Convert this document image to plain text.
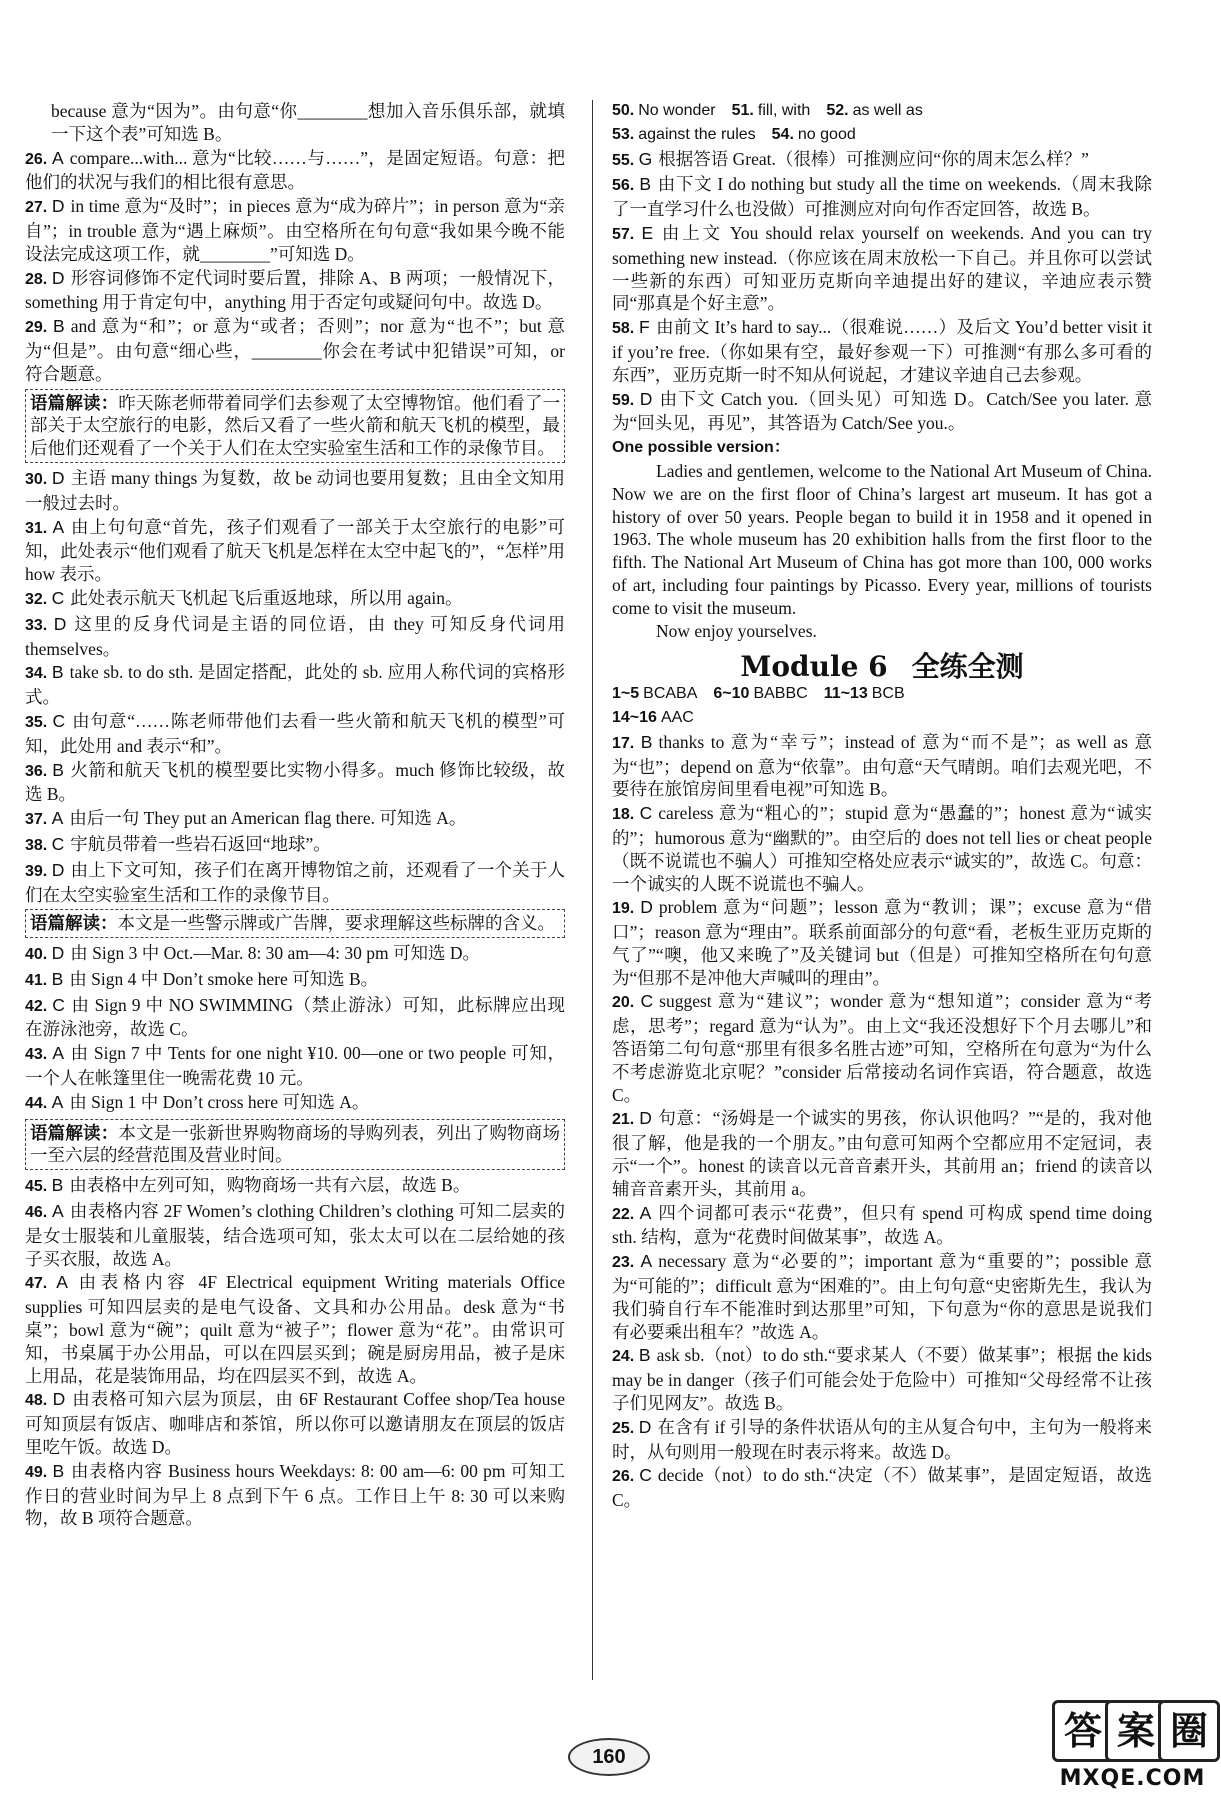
because 意为“因为”。由句意“你________想加入音乐俱乐部，就填一下这个表”可知选 B。
26. A compare...with... 意为“比较……与……”，是固定短语。句意：把他们的状况与我们的相比很有意思。
27. D in time 意为“及时”；in pieces 意为“成为碎片”；in person 意为“亲自”；in trouble 意为“遇上麻烦”。由空格所在句句意“我如果今晚不能设法完成这项工作，就________”可知选 D。
28. D 形容词修饰不定代词时要后置，排除 A、B 两项；一般情况下，something 用于肯定句中，anything 用于否定句或疑问句中。故选 D。
29. B and 意为“和”；or 意为“或者；否则”；nor 意为“也不”；but 意为“但是”。由句意“细心些，________你会在考试中犯错误”可知，or 符合题意。
语篇解读：昨天陈老师带着同学们去参观了太空博物馆。他们看了一部关于太空旅行的电影，然后又看了一些火箭和航天飞机的模型，最后他们还观看了一个关于人们在太空实验室生活和工作的录像节目。
30. D 主语 many things 为复数，故 be 动词也要用复数；且由全文知用一般过去时。
31. A 由上句句意“首先，孩子们观看了一部关于太空旅行的电影”可知，此处表示“他们观看了航天飞机是怎样在太空中起飞的”，“怎样”用 how 表示。
32. C 此处表示航天飞机起飞后重返地球，所以用 again。
33. D 这里的反身代词是主语的同位语，由 they 可知反身代词用 themselves。
34. B take sb. to do sth. 是固定搭配，此处的 sb. 应用人称代词的宾格形式。
35. C 由句意“……陈老师带他们去看一些火箭和航天飞机的模型”可知，此处用 and 表示“和”。
36. B 火箭和航天飞机的模型要比实物小得多。much 修饰比较级，故选 B。
37. A 由后一句 They put an American flag there. 可知选 A。
38. C 宇航员带着一些岩石返回“地球”。
39. D 由上下文可知，孩子们在离开博物馆之前，还观看了一个关于人们在太空实验室生活和工作的录像节目。
语篇解读：本文是一些警示牌或广告牌，要求理解这些标牌的含义。
40. D 由 Sign 3 中 Oct.—Mar. 8: 30 am—4: 30 pm 可知选 D。
41. B 由 Sign 4 中 Don’t smoke here 可知选 B。
42. C 由 Sign 9 中 NO SWIMMING（禁止游泳）可知，此标牌应出现在游泳池旁，故选 C。
43. A 由 Sign 7 中 Tents for one night ¥10. 00—one or two people 可知，一个人在帐篷里住一晚需花费 10 元。
44. A 由 Sign 1 中 Don’t cross here 可知选 A。
语篇解读：本文是一张新世界购物商场的导购列表，列出了购物商场一至六层的经营范围及营业时间。
45. B 由表格中左列可知，购物商场一共有六层，故选 B。
46. A 由表格内容 2F Women’s clothing Children’s clothing 可知二层卖的是女士服装和儿童服装，结合选项可知，张太太可以在二层给她的孩子买衣服，故选 A。
47. A 由表格内容 4F Electrical equipment Writing materials Office supplies 可知四层卖的是电气设备、文具和办公用品。desk 意为“书桌”；bowl 意为“碗”；quilt 意为“被子”；flower 意为“花”。由常识可知，书桌属于办公用品，可以在四层买到；碗是厨房用品，被子是床上用品，花是装饰用品，均在四层买不到，故选 A。
48. D 由表格可知六层为顶层，由 6F Restaurant Coffee shop/Tea house 可知顶层有饭店、咖啡店和茶馆，所以你可以邀请朋友在顶层的饭店里吃午饭。故选 D。
49. B 由表格内容 Business hours Weekdays: 8: 00 am—6: 00 pm 可知工作日的营业时间为早上 8 点到下午 6 点。工作日上午 8: 30 可以来购物，故 B 项符合题意。
50. No wonder 51. fill, with 52. as well as
53. against the rules 54. no good
55. G 根据答语 Great.（很棒）可推测应问“你的周末怎么样？”
56. B 由下文 I do nothing but study all the time on weekends.（周末我除了一直学习什么也没做）可推测应对向句作否定回答，故选 B。
57. E 由上文 You should relax yourself on weekends. And you can try something new instead.（你应该在周末放松一下自己。并且你可以尝试一些新的东西）可知亚历克斯向辛迪提出好的建议，辛迪应表示赞同“那真是个好主意”。
58. F 由前文 It’s hard to say...（很难说……）及后文 You’d better visit it if you’re free.（你如果有空，最好参观一下）可推测“有那么多可看的东西”，亚历克斯一时不知从何说起，才建议辛迪自己去参观。
59. D 由下文 Catch you.（回头见）可知选 D。Catch/See you later. 意为“回头见，再见”，其答语为 Catch/See you.。
One possible version：

Ladies and gentlemen, welcome to the National Art Museum of China. Now we are on the first floor of China’s largest art museum. It has got a history of over 50 years. People began to build it in 1958 and it opened in 1963. The whole museum has 20 exhibition halls from the first floor to the fifth. The National Art Museum of China has got more than 100, 000 works of art, including four paintings by Picasso. Every year, millions of tourists come to visit the museum.

Now enjoy yourselves.

Module 6 全练全测
1~5 BCABA 6~10 BABBC 11~13 BCB
14~16 AAC
17. B thanks to 意为“幸亏”；instead of 意为“而不是”；as well as 意为“也”；depend on 意为“依靠”。由句意“天气晴朗。咱们去观光吧，不要待在旅馆房间里看电视”可知选 B。
18. C careless 意为“粗心的”；stupid 意为“愚蠢的”；honest 意为“诚实的”；humorous 意为“幽默的”。由空后的 does not tell lies or cheat people（既不说谎也不骗人）可推知空格处应表示“诚实的”，故选 C。句意：一个诚实的人既不说谎也不骗人。
19. D problem 意为“问题”；lesson 意为“教训；课”；excuse 意为“借口”；reason 意为“理由”。联系前面部分的句意“看，老板生亚历克斯的气了”“噢，他又来晚了”及关键词 but（但是）可推知空格所在句句意为“但那不是冲他大声喊叫的理由”。
20. C suggest 意为“建议”；wonder 意为“想知道”；consider 意为“考虑，思考”；regard 意为“认为”。由上文“我还没想好下个月去哪儿”和答语第二句句意“那里有很多名胜古迹”可知，空格所在句意为“为什么不考虑游览北京呢？”consider 后常接动名词作宾语，符合题意，故选 C。
21. D 句意：“汤姆是一个诚实的男孩，你认识他吗？”“是的，我对他很了解，他是我的一个朋友。”由句意可知两个空都应用不定冠词，表示“一个”。honest 的读音以元音音素开头，其前用 an；friend 的读音以辅音音素开头，其前用 a。
22. A 四个词都可表示“花费”，但只有 spend 可构成 spend time doing sth. 结构，意为“花费时间做某事”，故选 A。
23. A necessary 意为“必要的”；important 意为“重要的”；possible 意为“可能的”；difficult 意为“困难的”。由上句句意“史密斯先生，我认为我们骑自行车不能准时到达那里”可知，下句意为“你的意思是说我们有必要乘出租车？”故选 A。
24. B ask sb.（not）to do sth.“要求某人（不要）做某事”；根据 the kids may be in danger（孩子们可能会处于危险中）可推知“父母经常不让孩子们见网友”。故选 B。
25. D 在含有 if 引导的条件状语从句的主从复合句中，主句为一般将来时，从句则用一般现在时表示将来。故选 D。
26. C decide（not）to do sth.“决定（不）做某事”，是固定短语，故选 C。
160
答 案 圈
MXQE.COM
